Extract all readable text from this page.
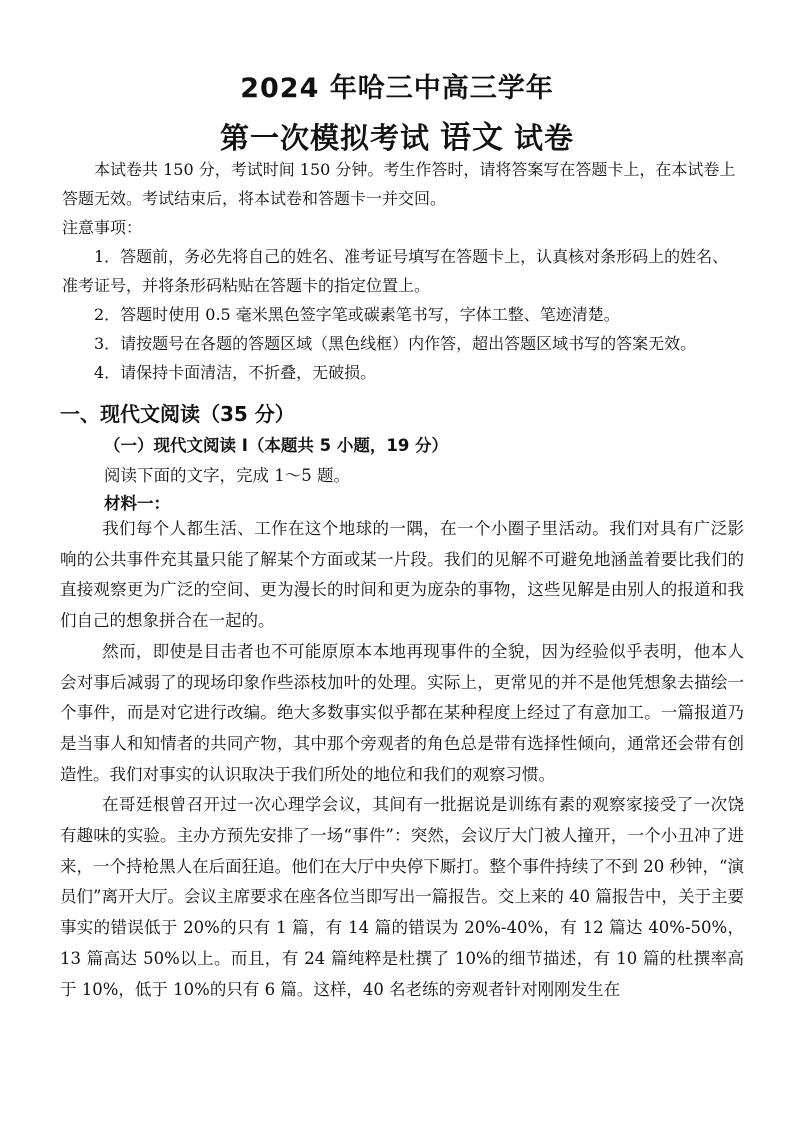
2024 年哈三中高三学年
第一次模拟考试 语文 试卷

本试卷共 150 分，考试时间 150 分钟。考生作答时，请将答案写在答题卡上，在本试卷上答题无效。考试结束后，将本试卷和答题卡一并交回。

注意事项：

1．答题前，务必先将自己的姓名、准考证号填写在答题卡上，认真核对条形码上的姓名、准考证号，并将条形码粘贴在答题卡的指定位置上。

2．答题时使用 0.5 毫米黑色签字笔或碳素笔书写，字体工整、笔迹清楚。

3．请按题号在各题的答题区域（黑色线框）内作答，超出答题区域书写的答案无效。

4．请保持卡面清洁，不折叠，无破损。

一、现代文阅读（35 分）
（一）现代文阅读 I（本题共 5 小题，19 分）
阅读下面的文字，完成 1～5 题。
材料一：

我们每个人都生活、工作在这个地球的一隅，在一个小圈子里活动。我们对具有广泛影响的公共事件充其量只能了解某个方面或某一片段。我们的见解不可避免地涵盖着要比我们的直接观察更为广泛的空间、更为漫长的时间和更为庞杂的事物，这些见解是由别人的报道和我们自己的想象拼合在一起的。

然而，即使是目击者也不可能原原本本地再现事件的全貌，因为经验似乎表明，他本人会对事后减弱了的现场印象作些添枝加叶的处理。实际上，更常见的并不是他凭想象去描绘一个事件，而是对它进行改编。绝大多数事实似乎都在某种程度上经过了有意加工。一篇报道乃是当事人和知情者的共同产物，其中那个旁观者的角色总是带有选择性倾向，通常还会带有创造性。我们对事实的认识取决于我们所处的地位和我们的观察习惯。

在哥廷根曾召开过一次心理学会议，其间有一批据说是训练有素的观察家接受了一次饶有趣味的实验。主办方预先安排了一场“事件”：突然，会议厅大门被人撞开，一个小丑冲了进来，一个持枪黑人在后面狂追。他们在大厅中央停下厮打。整个事件持续了不到 20 秒钟，“演员们”离开大厅。会议主席要求在座各位当即写出一篇报告。交上来的 40 篇报告中，关于主要事实的错误低于 20%的只有 1 篇，有 14 篇的错误为 20%-40%，有 12 篇达 40%-50%，13 篇高达 50%以上。而且，有 24 篇纯粹是杜撰了 10%的细节描述，有 10 篇的杜撰率高于 10%，低于 10%的只有 6 篇。这样，40 名老练的旁观者针对刚刚发生在
